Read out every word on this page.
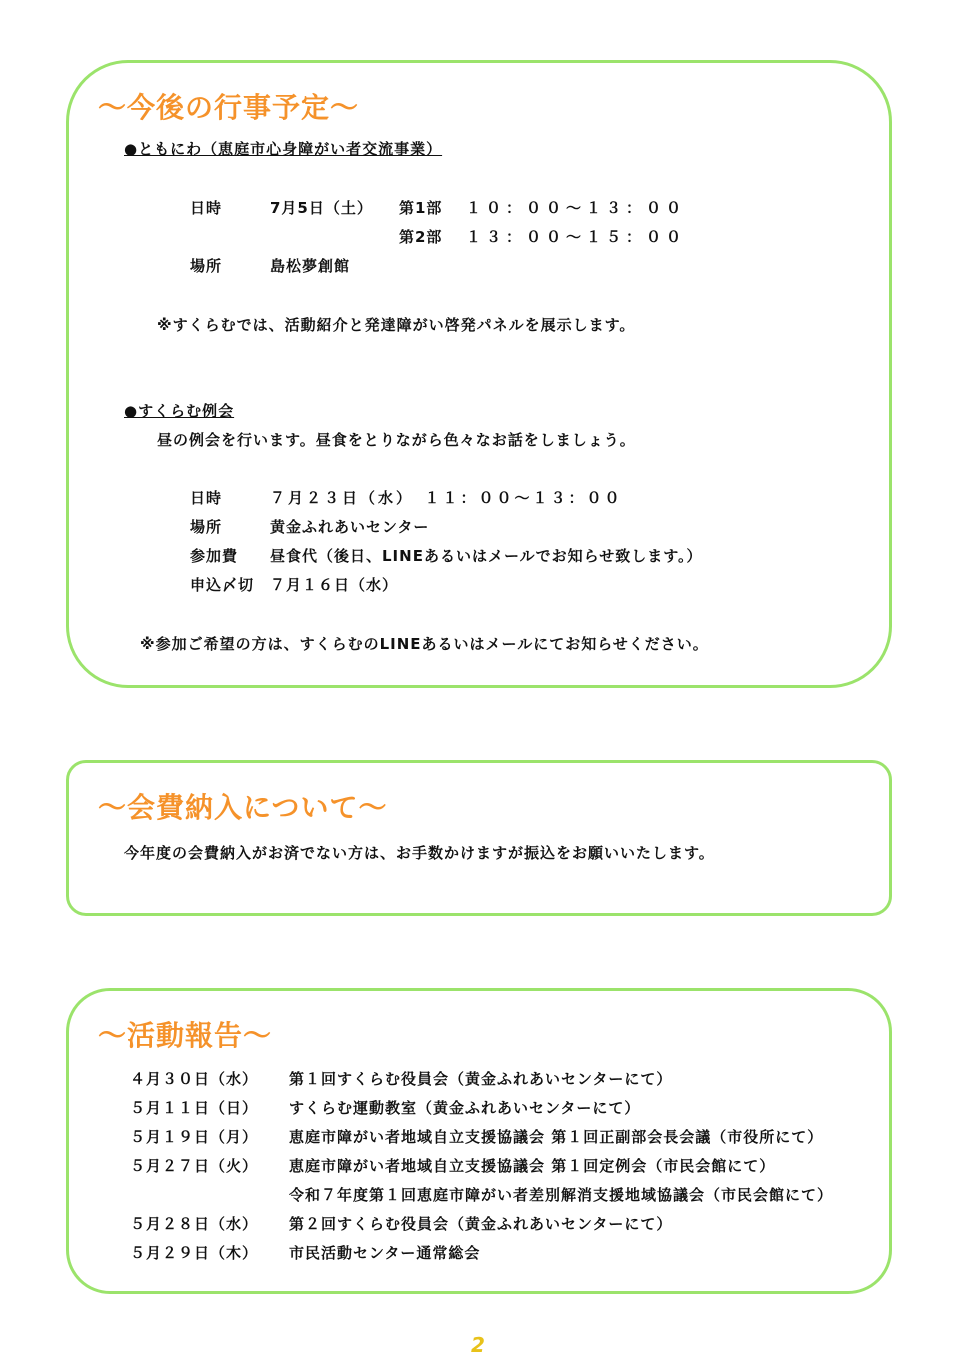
～今後の行事予定～
●ともにわ（恵庭市心身障がい者交流事業）
日時	7月5日（土） 第1部 １０：００～１３：００
第2部 １３：００～１５：００
場所	島松夢創館
※すくらむでは、活動紹介と発達障がい啓発パネルを展示します。
●すくらむ例会
昼の例会を行います。昼食をとりながら色々なお話をしましょう。
日時	７月２３日（水）　１１：００～１３：００
場所	黄金ふれあいセンター
参加費 昼食代（後日、LINEあるいはメールでお知らせ致します。）
申込〆切 ７月１６日（水）
※参加ご希望の方は、すくらむのLINEあるいはメールにてお知らせください。
～会費納入について～
今年度の会費納入がお済でない方は、お手数かけますが振込をお願いいたします。
～活動報告～
４月３０日（水） 第１回すくらむ役員会（黄金ふれあいセンターにて）
５月１１日（日） すくらむ運動教室（黄金ふれあいセンターにて）
５月１９日（月） 恵庭市障がい者地域自立支援協議会 第１回正副部会長会議（市役所にて）
５月２７日（火） 恵庭市障がい者地域自立支援協議会 第１回定例会（市民会館にて）
令和７年度第１回恵庭市障がい者差別解消支援地域協議会（市民会館にて）
５月２８日（水） 第２回すくらむ役員会（黄金ふれあいセンターにて）
５月２９日（木） 市民活動センター通常総会
2
